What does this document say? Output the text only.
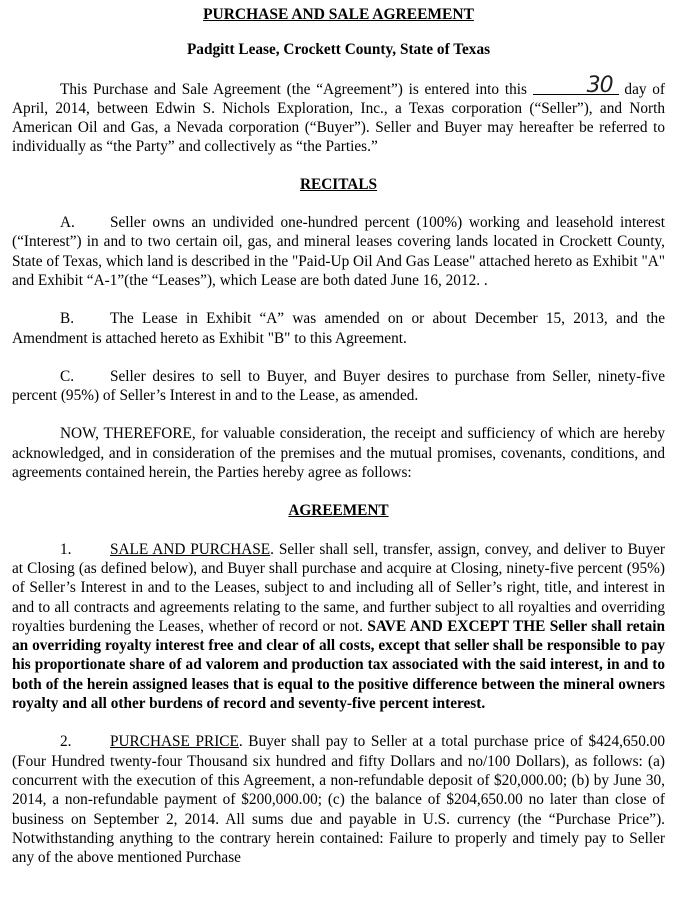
PURCHASE AND SALE AGREEMENT
Padgitt Lease, Crockett County, State of Texas

This Purchase and Sale Agreement (the “Agreement”) is entered into this	30 day of April, 2014, between Edwin S. Nichols Exploration, Inc., a Texas corporation (“Seller”), and North American Oil and Gas, a Nevada corporation (“Buyer”). Seller and Buyer may hereafter be referred to individually as “the Party” and collectively as “the Parties.”

RECITALS

A. Seller owns an undivided one-hundred percent (100%) working and leasehold interest (“Interest”) in and to two certain oil, gas, and mineral leases covering lands located in Crockett County, State of Texas, which land is described in the "Paid-Up Oil And Gas Lease" attached hereto as Exhibit "A" and Exhibit “A-1”(the “Leases”), which Lease are both dated June 16, 2012. .

B. The Lease in Exhibit “A” was amended on or about December 15, 2013, and the Amendment is attached hereto as Exhibit "B" to this Agreement.

C. Seller desires to sell to Buyer, and Buyer desires to purchase from Seller, ninety-five percent (95%) of Seller’s Interest in and to the Lease, as amended.

NOW, THEREFORE, for valuable consideration, the receipt and sufficiency of which are hereby acknowledged, and in consideration of the premises and the mutual promises, covenants, conditions, and agreements contained herein, the Parties hereby agree as follows:

AGREEMENT

1.	SALE AND PURCHASE. Seller shall sell, transfer, assign, convey, and deliver to Buyer at Closing (as defined below), and Buyer shall purchase and acquire at Closing, ninety-five percent (95%) of Seller’s Interest in and to the Leases, subject to and including all of Seller’s right, title, and interest in and to all contracts and agreements relating to the same, and further subject to all royalties and overriding royalties burdening the Leases, whether of record or not. SAVE AND EXCEPT THE Seller shall retain an overriding royalty interest free and clear of all costs, except that seller shall be responsible to pay his proportionate share of ad valorem and production tax associated with the said interest, in and to both of the herein assigned leases that is equal to the positive difference between the mineral owners royalty and all other burdens of record and seventy-five percent interest.

2.	PURCHASE PRICE. Buyer shall pay to Seller at a total purchase price of $424,650.00 (Four Hundred twenty-four Thousand six hundred and fifty Dollars and no/100 Dollars), as follows: (a) concurrent with the execution of this Agreement, a non-refundable deposit of $20,000.00; (b) by June 30, 2014, a non-refundable payment of $200,000.00; (c) the balance of $204,650.00 no later than close of business on September 2, 2014. All sums due and payable in U.S. currency (the “Purchase Price”). Notwithstanding anything to the contrary herein contained: Failure to properly and timely pay to Seller any of the above mentioned Purchase
